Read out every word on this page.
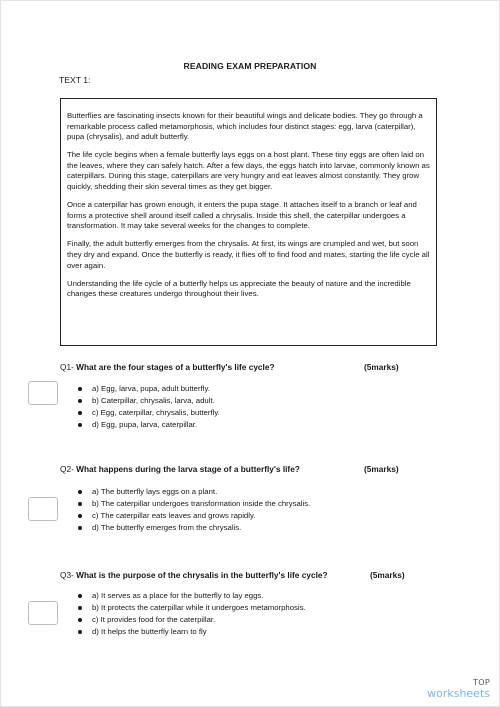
READING EXAM PREPARATION
TEXT 1:

Butterflies are fascinating insects known for their beautiful wings and delicate bodies. They go through a remarkable process called metamorphosis, which includes four distinct stages: egg, larva (caterpillar), pupa (chrysalis), and adult butterfly.

The life cycle begins when a female butterfly lays eggs on a host plant. These tiny eggs are often laid on the leaves, where they can safely hatch. After a few days, the eggs hatch into larvae, commonly known as caterpillars. During this stage, caterpillars are very hungry and eat leaves almost constantly. They grow quickly, shedding their skin several times as they get bigger.

Once a caterpillar has grown enough, it enters the pupa stage. It attaches itself to a branch or leaf and forms a protective shell around itself called a chrysalis. Inside this shell, the caterpillar undergoes a transformation. It may take several weeks for the changes to complete.

Finally, the adult butterfly emerges from the chrysalis. At first, its wings are crumpled and wet, but soon they dry and expand. Once the butterfly is ready, it flies off to find food and mates, starting the life cycle all over again.

Understanding the life cycle of a butterfly helps us appreciate the beauty of nature and the incredible changes these creatures undergo throughout their lives.

Q1- What are the four stages of a butterfly's life cycle?	(5marks)
a) Egg, larva, pupa, adult butterfly.
b) Caterpillar, chrysalis, larva, adult.
c) Egg, caterpillar, chrysalis, butterfly.
d) Egg, pupa, larva, caterpillar.
Q2- What happens during the larva stage of a butterfly's life?	(5marks)
a) The butterfly lays eggs on a plant.
b) The caterpillar undergoes transformation inside the chrysalis.
c) The caterpillar eats leaves and grows rapidly.
d) The butterfly emerges from the chrysalis.
Q3- What is the purpose of the chrysalis in the butterfly's life cycle?	(5marks)
a) It serves as a place for the butterfly to lay eggs.
b) It protects the caterpillar while it undergoes metamorphosis.
c) It provides food for the caterpillar.
d) It helps the butterfly learn to fly
TOP
worksheets
